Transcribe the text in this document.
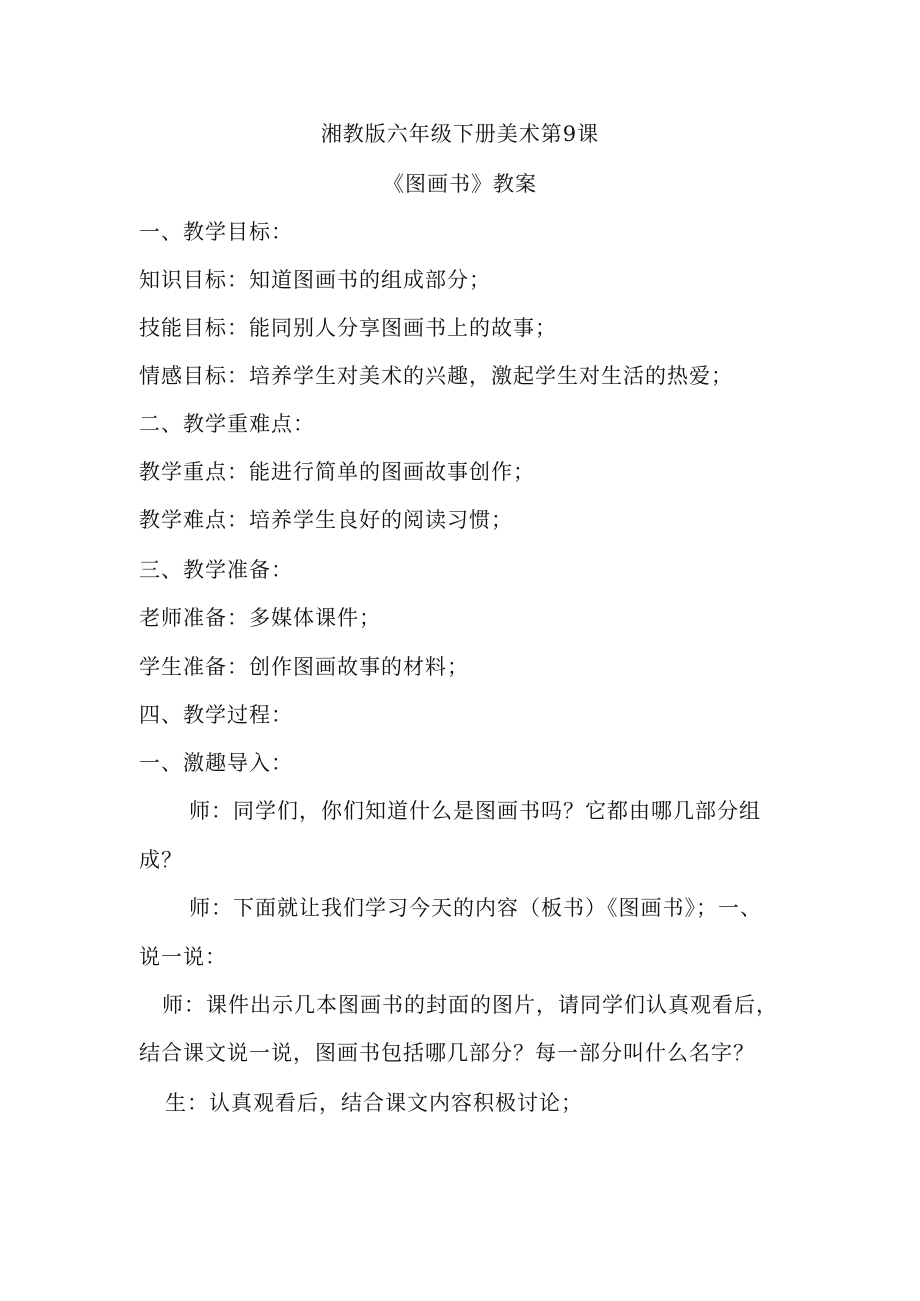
湘教版六年级下册美术第9课

《图画书》教案

一、教学目标：

知识目标：知道图画书的组成部分；

技能目标：能同别人分享图画书上的故事；

情感目标：培养学生对美术的兴趣，激起学生对生活的热爱；

二、教学重难点：

教学重点：能进行简单的图画故事创作；

教学难点：培养学生良好的阅读习惯；

三、教学准备：

老师准备：多媒体课件；

学生准备：创作图画故事的材料；

四、教学过程：

一、激趣导入：

师：同学们，你们知道什么是图画书吗？它都由哪几部分组

成？

师：下面就让我们学习今天的内容（板书）《图画书》；一、

说一说：

师：课件出示几本图画书的封面的图片，请同学们认真观看后，

结合课文说一说，图画书包括哪几部分？每一部分叫什么名字？

生：认真观看后，结合课文内容积极讨论；
